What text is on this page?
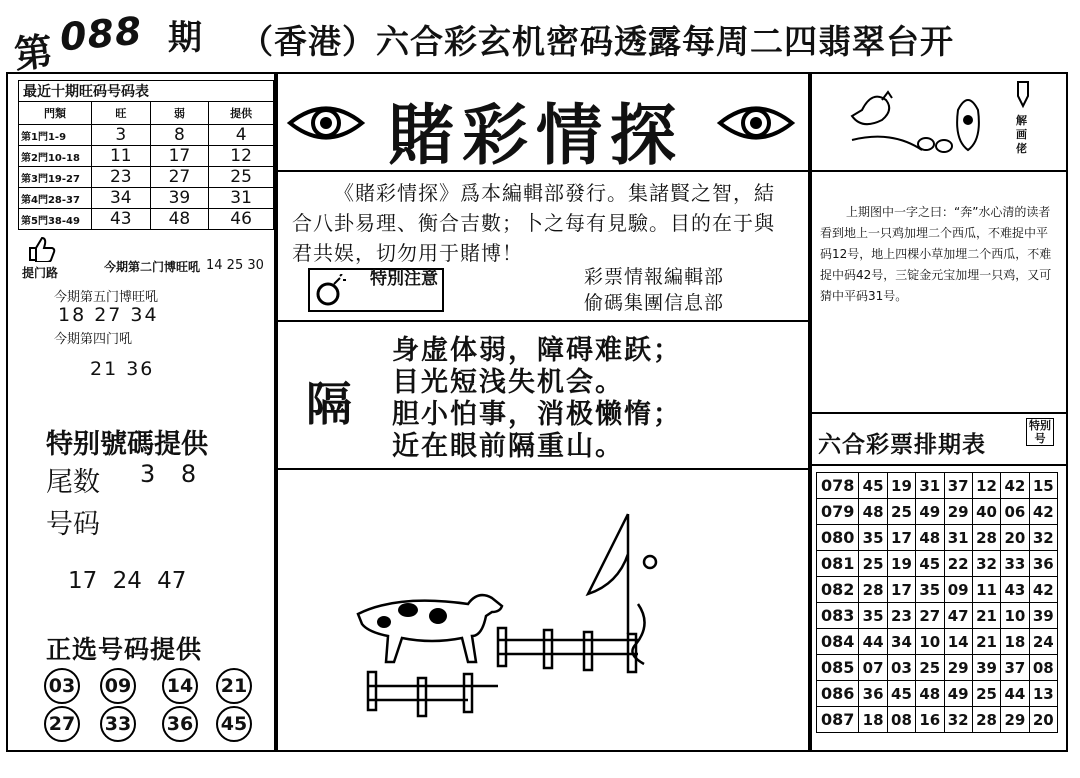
第 088 期 （香港）六合彩玄机密码透露每周二四翡翠台开
最近十期旺码号码表
門類	旺	弱	提供
第1門1-9	3	8	4
第2門10-18	11	17	12
第3門19-27	23	27	25
第4門28-37	34	39	31
第5門38-49	43	48	46
提门路	今期第二门博旺吼 14 25 30
今期第五门博旺吼
18 27 34
今期第四门吼
21 36
特别號碼提供
尾数 3 8
号码
17 24 47
正选号码提供
03 09 14 21
27 33 36 45
賭彩情探
《賭彩情探》爲本編輯部發行。集諸賢之智，結合八卦易理、衡合吉數；卜之每有見驗。目的在于與君共娱，切勿用于賭博！
特別注意	彩票情報編輯部
偷碼集團信息部
隔
身虚体弱，障碍难跃；
目光短浅失机会。
胆小怕事，消极懒惰；
近在眼前隔重山。
解画佬
上期图中一字之曰：“奔”水心清的读者看到地上一只鸡加埋二个西瓜，不难捉中平码12号，地上四棵小草加埋二个西瓜，不难捉中码42号，三锭金元宝加埋一只鸡，又可猜中平码31号。
六合彩票排期表
特别号
078	45	19	31	37	12	42	15
079	48	25	49	29	40	06	42
080	35	17	48	31	28	20	32
081	25	19	45	22	32	33	36
082	28	17	35	09	11	43	42
083	35	23	27	47	21	10	39
084	44	34	10	14	21	18	24
085	07	03	25	29	39	37	08
086	36	45	48	49	25	44	13
087	18	08	16	32	28	29	20
